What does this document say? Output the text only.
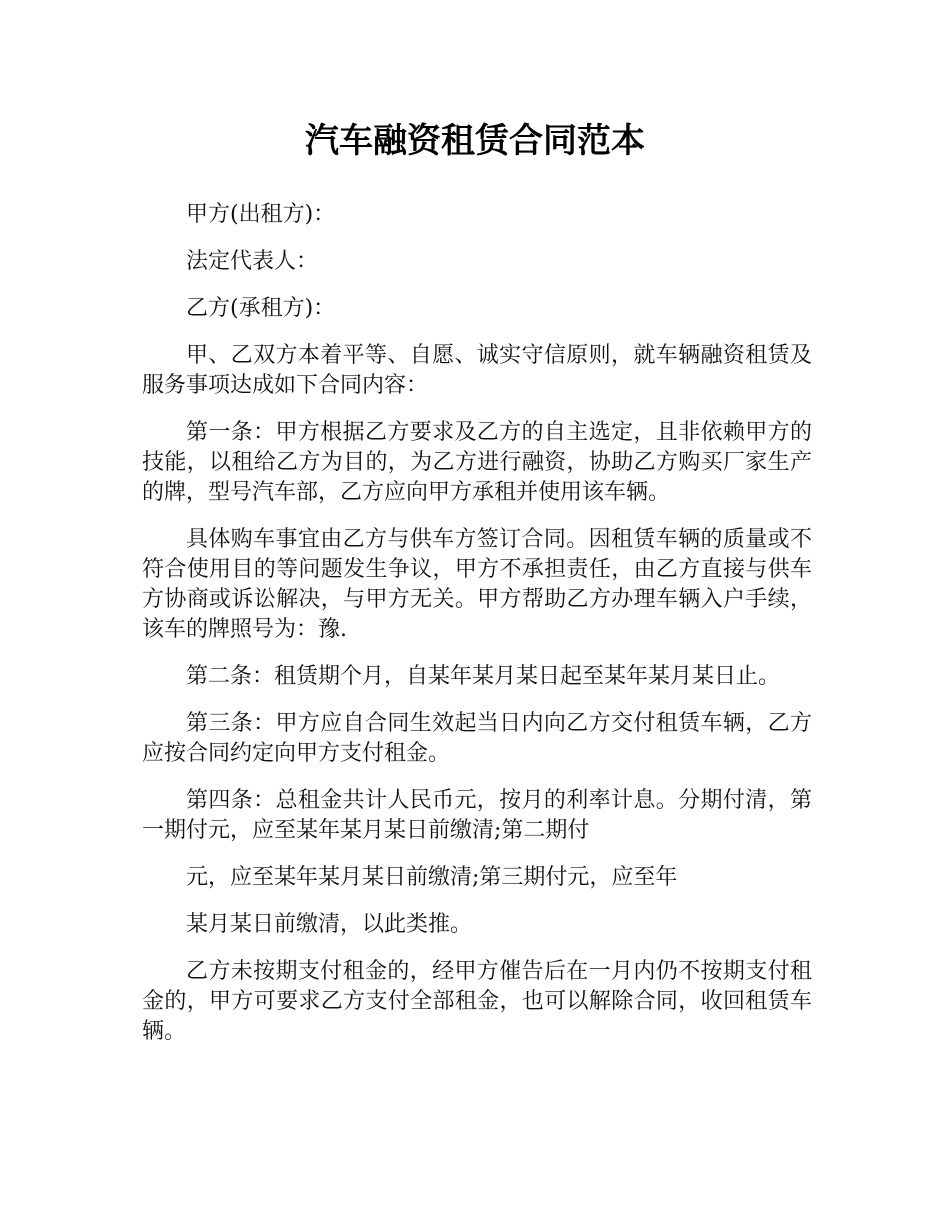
汽车融资租赁合同范本

甲方(出租方)：

法定代表人：

乙方(承租方)：

甲、乙双方本着平等、自愿、诚实守信原则，就车辆融资租赁及服务事项达成如下合同内容：

第一条：甲方根据乙方要求及乙方的自主选定，且非依赖甲方的技能，以租给乙方为目的，为乙方进行融资，协助乙方购买厂家生产的牌，型号汽车部，乙方应向甲方承租并使用该车辆。

具体购车事宜由乙方与供车方签订合同。因租赁车辆的质量或不符合使用目的等问题发生争议，甲方不承担责任，由乙方直接与供车方协商或诉讼解决，与甲方无关。甲方帮助乙方办理车辆入户手续，该车的牌照号为：豫.

第二条：租赁期个月，自某年某月某日起至某年某月某日止。

第三条：甲方应自合同生效起当日内向乙方交付租赁车辆，乙方应按合同约定向甲方支付租金。

第四条：总租金共计人民币元，按月的利率计息。分期付清，第一期付元，应至某年某月某日前缴清;第二期付

元，应至某年某月某日前缴清;第三期付元，应至年

某月某日前缴清，以此类推。

乙方未按期支付租金的，经甲方催告后在一月内仍不按期支付租金的，甲方可要求乙方支付全部租金，也可以解除合同，收回租赁车辆。
